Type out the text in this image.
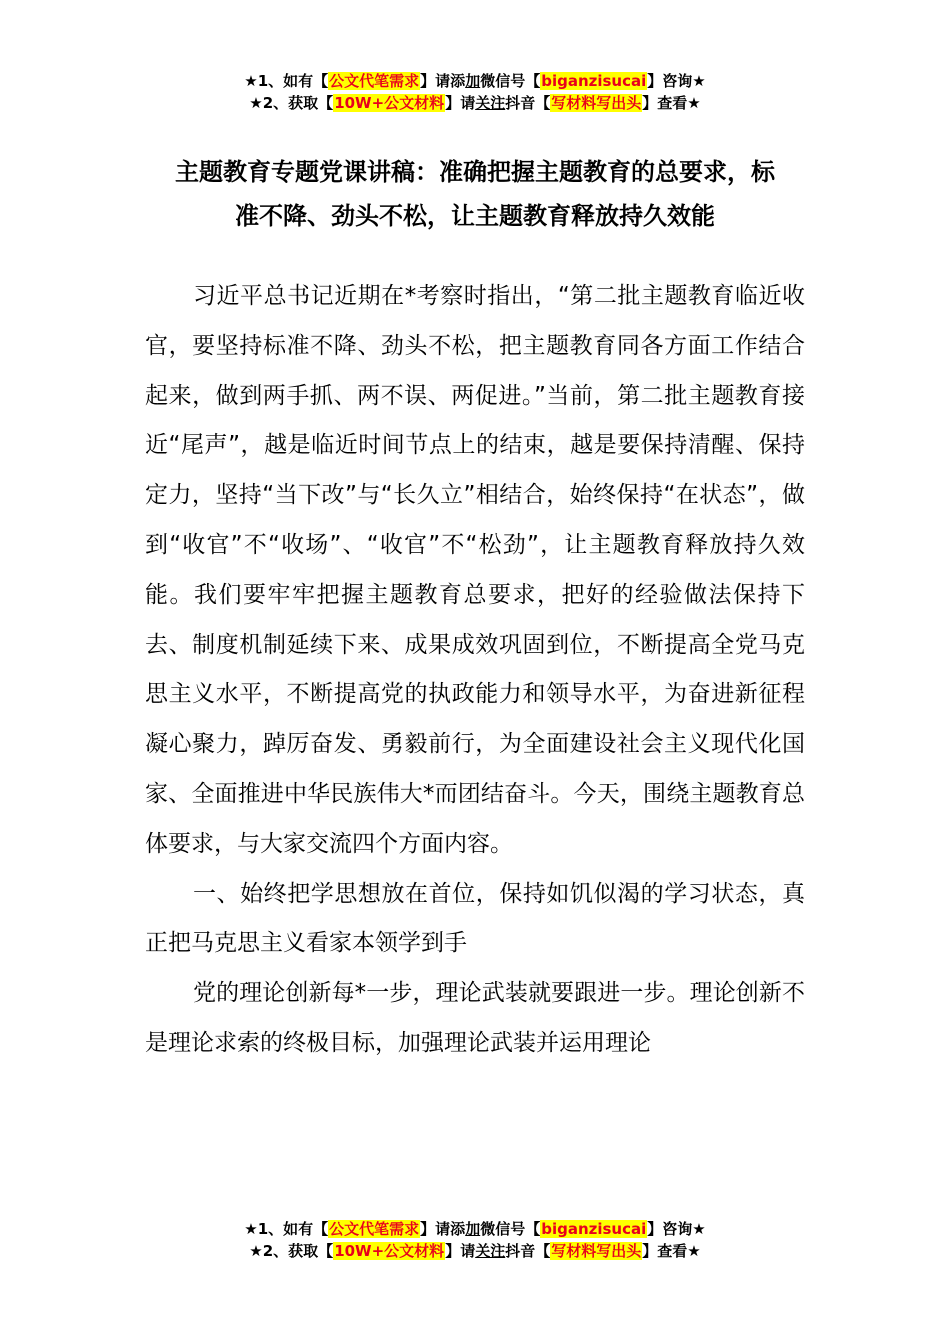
★1、如有【公文代笔需求】请添加微信号【biganzisucai】咨询★
★2、获取【10W+公文材料】请关注抖音【写材料写出头】查看★
主题教育专题党课讲稿：准确把握主题教育的总要求，标
准不降、劲头不松，让主题教育释放持久效能

习近平总书记近期在*考察时指出，“第二批主题教育临近收官，要坚持标准不降、劲头不松，把主题教育同各方面工作结合起来，做到两手抓、两不误、两促进。”当前，第二批主题教育接近“尾声”，越是临近时间节点上的结束，越是要保持清醒、保持定力，坚持“当下改”与“长久立”相结合，始终保持“在状态”，做到“收官”不“收场”、“收官”不“松劲”，让主题教育释放持久效能。我们要牢牢把握主题教育总要求，把好的经验做法保持下去、制度机制延续下来、成果成效巩固到位，不断提高全党马克思主义水平，不断提高党的执政能力和领导水平，为奋进新征程凝心聚力，踔厉奋发、勇毅前行，为全面建设社会主义现代化国家、全面推进中华民族伟大*而团结奋斗。今天，围绕主题教育总体要求，与大家交流四个方面内容。

一、始终把学思想放在首位，保持如饥似渴的学习状态，真正把马克思主义看家本领学到手

党的理论创新每*一步，理论武装就要跟进一步。理论创新不是理论求索的终极目标，加强理论武装并运用理论

★1、如有【公文代笔需求】请添加微信号【biganzisucai】咨询★
★2、获取【10W+公文材料】请关注抖音【写材料写出头】查看★
